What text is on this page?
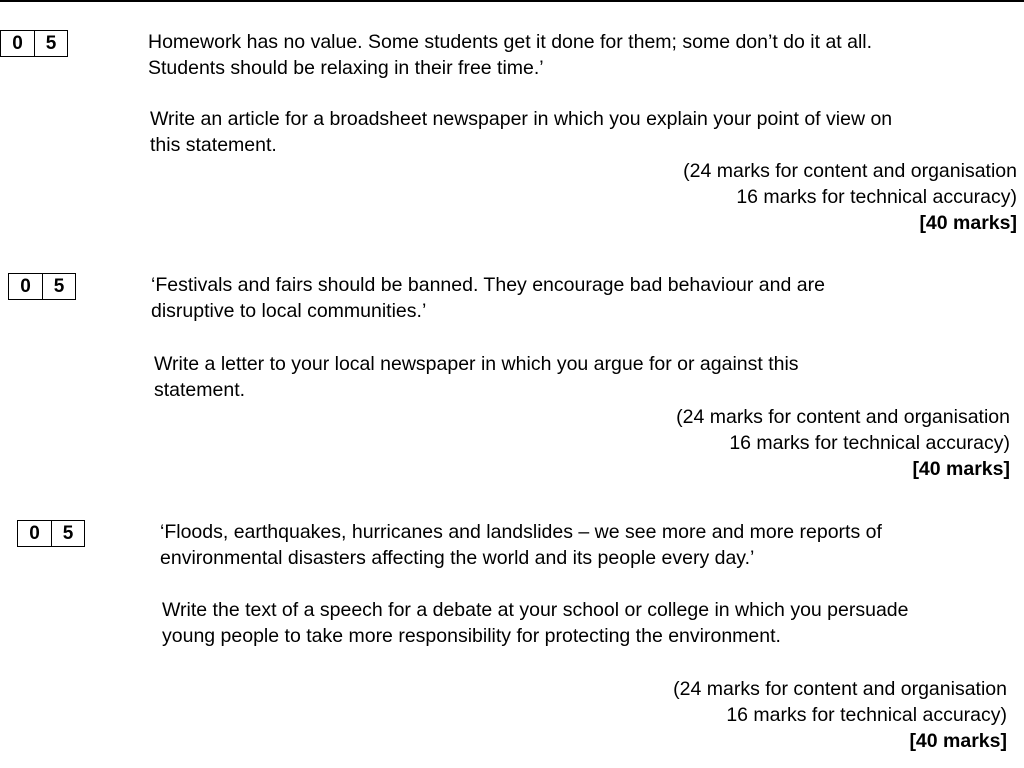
0	5	Homework has no value. Some students get it done for them; some don’t do it at all.
Students should be relaxing in their free time.’

Write an article for a broadsheet newspaper in which you explain your point of view on
this statement.

(24 marks for content and organisation
16 marks for technical accuracy)
[40 marks]
0	5	‘Festivals and fairs should be banned. They encourage bad behaviour and are
disruptive to local communities.’

Write a letter to your local newspaper in which you argue for or against this
statement.

(24 marks for content and organisation
16 marks for technical accuracy)
[40 marks]
0	5	‘Floods, earthquakes, hurricanes and landslides – we see more and more reports of
environmental disasters affecting the world and its people every day.’

Write the text of a speech for a debate at your school or college in which you persuade
young people to take more responsibility for protecting the environment.

(24 marks for content and organisation
16 marks for technical accuracy)
[40 marks]
